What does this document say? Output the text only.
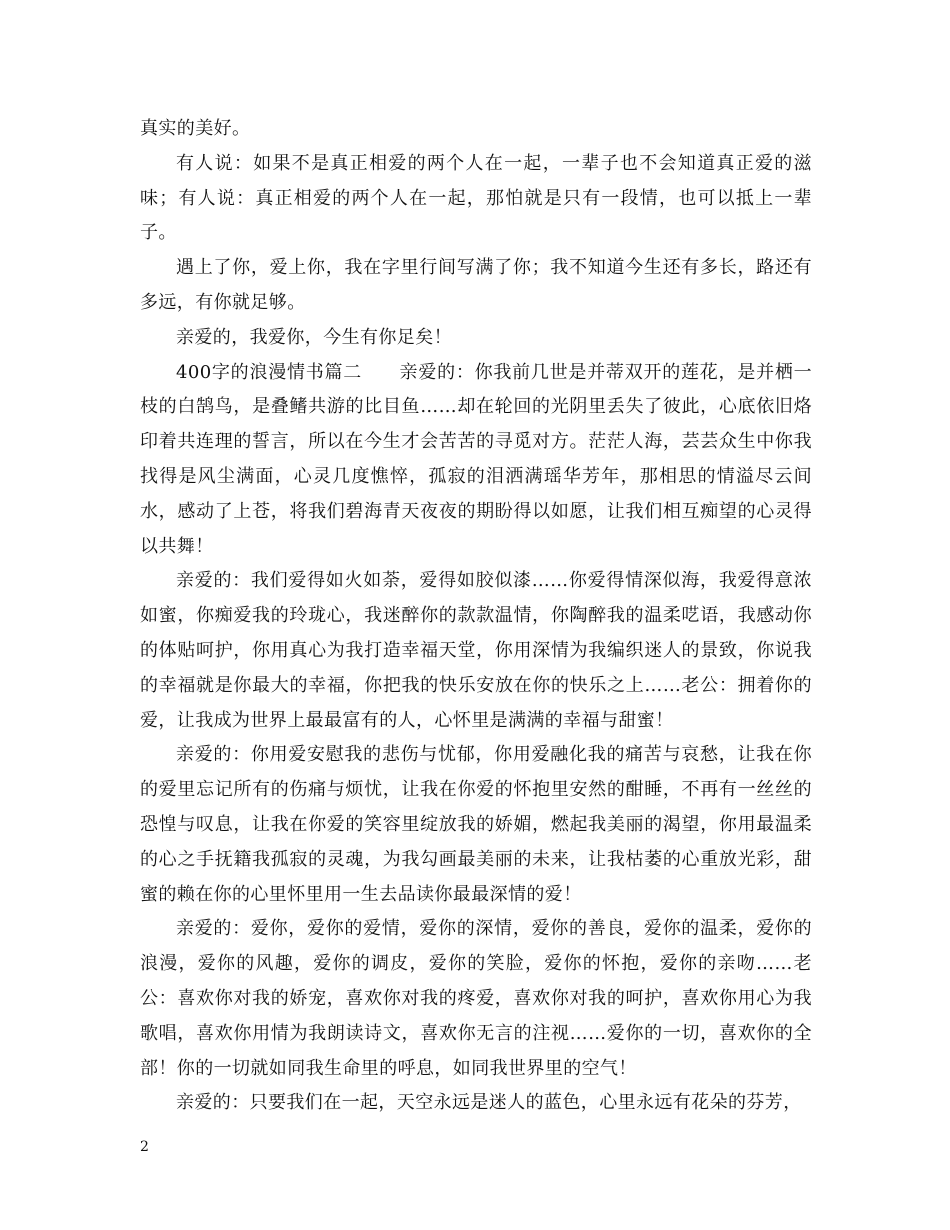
真实的美好。

有人说：如果不是真正相爱的两个人在一起，一辈子也不会知道真正爱的滋味；有人说：真正相爱的两个人在一起，那怕就是只有一段情，也可以抵上一辈子。

遇上了你，爱上你，我在字里行间写满了你；我不知道今生还有多长，路还有多远，有你就足够。

亲爱的，我爱你，今生有你足矣！

400字的浪漫情书篇二　　亲爱的：你我前几世是并蒂双开的莲花，是并栖一枝的白鹄鸟，是叠鳍共游的比目鱼……却在轮回的光阴里丢失了彼此，心底依旧烙印着共连理的誓言，所以在今生才会苦苦的寻觅对方。茫茫人海，芸芸众生中你我找得是风尘满面，心灵几度憔悴，孤寂的泪洒满瑶华芳年，那相思的情溢尽云间水，感动了上苍，将我们碧海青天夜夜的期盼得以如愿，让我们相互痴望的心灵得以共舞！

亲爱的：我们爱得如火如荼，爱得如胶似漆……你爱得情深似海，我爱得意浓如蜜，你痴爱我的玲珑心，我迷醉你的款款温情，你陶醉我的温柔呓语，我感动你的体贴呵护，你用真心为我打造幸福天堂，你用深情为我编织迷人的景致，你说我的幸福就是你最大的幸福，你把我的快乐安放在你的快乐之上……老公：拥着你的爱，让我成为世界上最最富有的人，心怀里是满满的幸福与甜蜜！

亲爱的：你用爱安慰我的悲伤与忧郁，你用爱融化我的痛苦与哀愁，让我在你的爱里忘记所有的伤痛与烦忧，让我在你爱的怀抱里安然的酣睡，不再有一丝丝的恐惶与叹息，让我在你爱的笑容里绽放我的娇媚，燃起我美丽的渴望，你用最温柔的心之手抚籍我孤寂的灵魂，为我勾画最美丽的未来，让我枯萎的心重放光彩，甜蜜的赖在你的心里怀里用一生去品读你最最深情的爱！

亲爱的：爱你，爱你的爱情，爱你的深情，爱你的善良，爱你的温柔，爱你的浪漫，爱你的风趣，爱你的调皮，爱你的笑脸，爱你的怀抱，爱你的亲吻……老公：喜欢你对我的娇宠，喜欢你对我的疼爱，喜欢你对我的呵护，喜欢你用心为我歌唱，喜欢你用情为我朗读诗文，喜欢你无言的注视……爱你的一切，喜欢你的全部！你的一切就如同我生命里的呼息，如同我世界里的空气！

亲爱的：只要我们在一起，天空永远是迷人的蓝色，心里永远有花朵的芬芳，

2
